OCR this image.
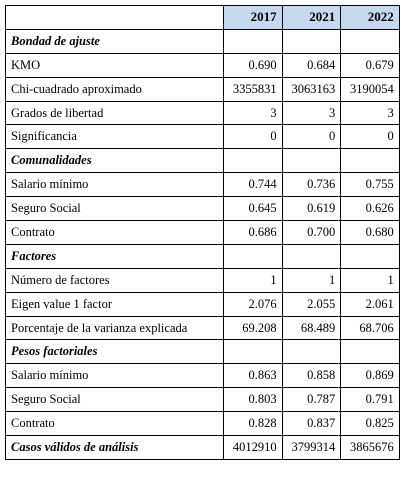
	2017	2021	2022
Bondad de ajuste			
KMO	0.690	0.684	0.679
Chi-cuadrado aproximado	3355831	3063163	3190054
Grados de libertad	3	3	3
Significancia	0	0	0
Comunalidades			
Salario mínimo	0.744	0.736	0.755
Seguro Social	0.645	0.619	0.626
Contrato	0.686	0.700	0.680
Factores			
Número de factores	1	1	1
Eigen value 1 factor	2.076	2.055	2.061
Porcentaje de la varianza explicada	69.208	68.489	68.706
Pesos factoriales			
Salario mínimo	0.863	0.858	0.869
Seguro Social	0.803	0.787	0.791
Contrato	0.828	0.837	0.825
Casos válidos de análisis	4012910	3799314	3865676
